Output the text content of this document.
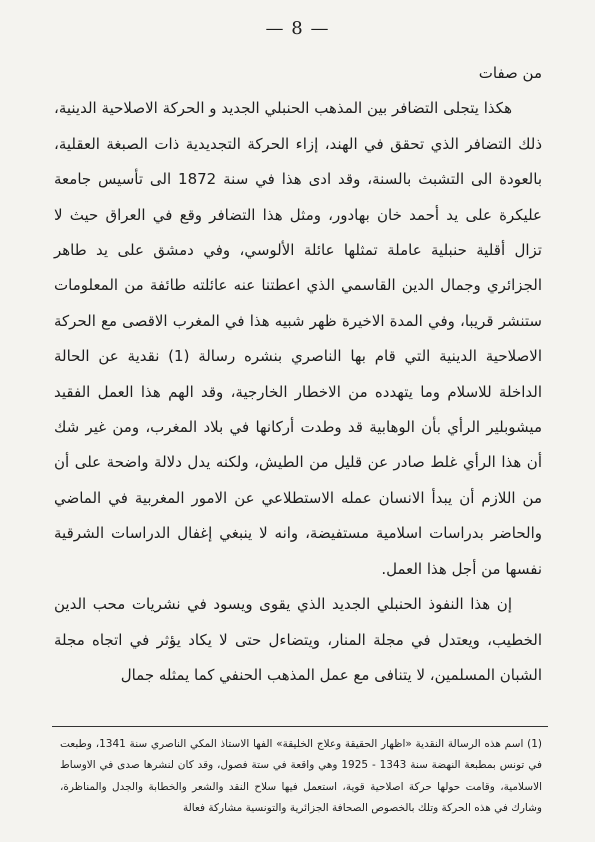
— 8 —

من صفات

هكذا يتجلى التضافر بين المذهب الحنبلي الجديد و الحركة الاصلاحية الدينية، ذلك التضافر الذي تحقق في الهند، إزاء الحركة التجديدية ذات الصبغة العقلية، بالعودة الى التشبث بالسنة، وقد ادى هذا في سنة 1872 الى تأسيس جامعة عليكرة على يد أحمد خان بهادور، ومثل هذا التضافر وقع في العراق حيث لا تزال أقلية حنبلية عاملة تمثلها عائلة الألوسي، وفي دمشق على يد طاهر الجزائري وجمال الدين القاسمي الذي اعطتنا عنه عائلته طائفة من المعلومات ستنشر قريبا، وفي المدة الاخيرة ظهر شبيه هذا في المغرب الاقصى مع الحركة الاصلاحية الدينية التي قام بها الناصري بنشره رسالة (1) نقدية عن الحالة الداخلة للاسلام وما يتهدده من الاخطار الخارجية، وقد الهم هذا العمل الفقيد ميشوبلير الرأي بأن الوهابية قد وطدت أركانها في بلاد المغرب، ومن غير شك أن هذا الرأي غلط صادر عن قليل من الطيش، ولكنه يدل دلالة واضحة على أن من اللازم أن يبدأ الانسان عمله الاستطلاعي عن الامور المغربية في الماضي والحاضر بدراسات اسلامية مستفيضة، وانه لا ينبغي إغفال الدراسات الشرقية نفسها من أجل هذا العمل.

إن هذا النفوذ الحنبلي الجديد الذي يقوى ويسود في نشريات محب الدين الخطيب، ويعتدل في مجلة المنار، ويتضاءل حتى لا يكاد يؤثر في اتجاه مجلة الشبان المسلمين، لا يتنافى مع عمل المذهب الحنفي كما يمثله جمال

(1) اسم هذه الرسالة النقدية «اظهار الحقيقة وعلاج الخليقة» الفها الاستاذ المكي الناصري سنة 1341، وطبعت في تونس بمطبعة النهضة سنة 1343 - 1925 وهي واقعة في ستة فصول، وقد كان لنشرها صدى في الاوساط الاسلامية، وقامت حولها حركة اصلاحية قوية، استعمل فيها سلاح النقد والشعر والخطابة والجدل والمناظرة، وشارك في هذه الحركة وتلك بالخصوص الصحافة الجزائرية والتونسية مشاركة فعالة
